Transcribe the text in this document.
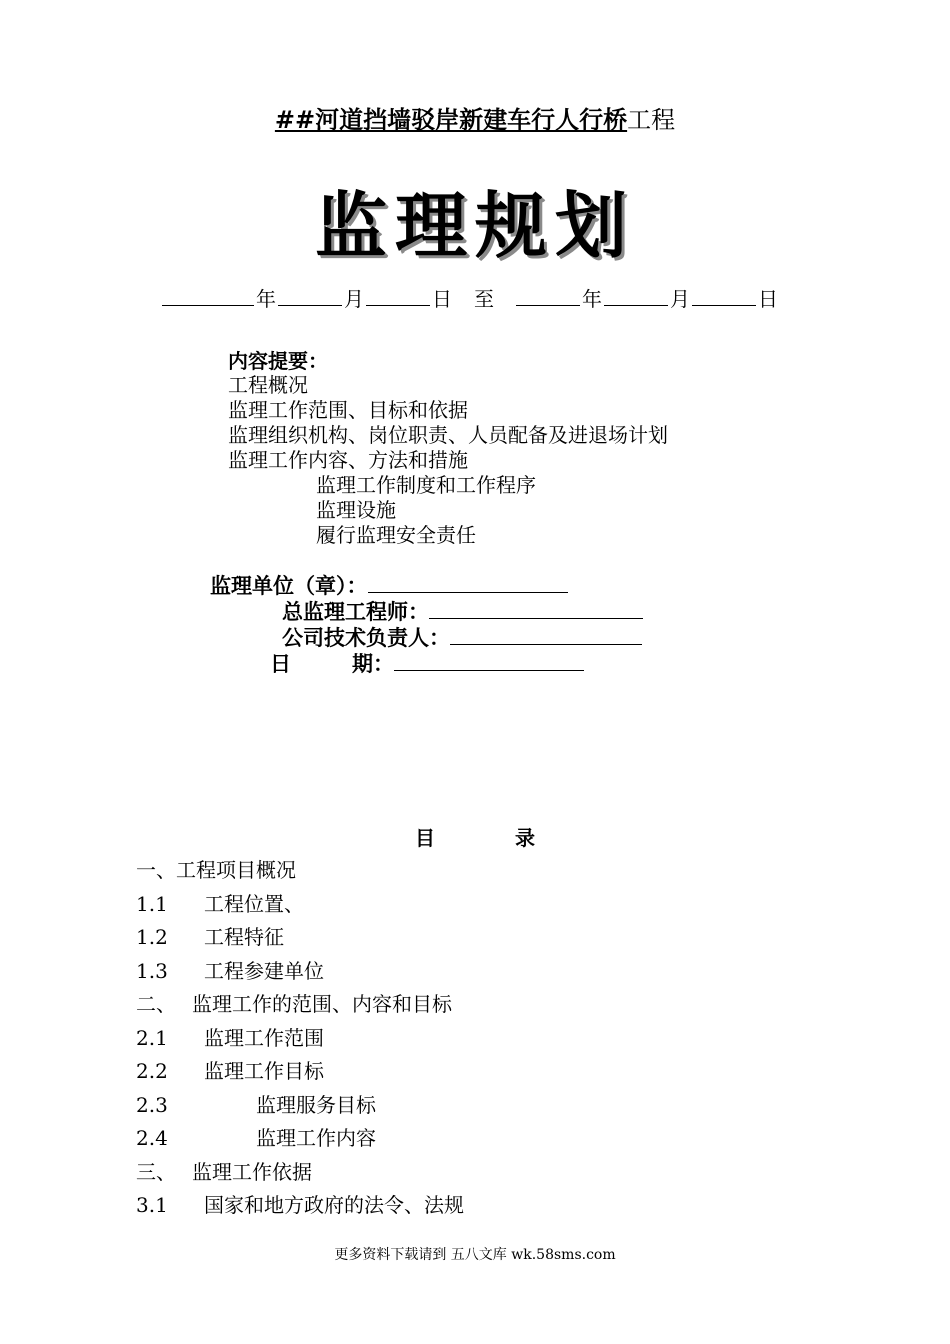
##河道挡墙驳岸新建车行人行桥工程
监理规划
年	月	日 至	年	月	日
内容提要：
工程概况
监理工作范围、目标和依据
监理组织机构、岗位职责、人员配备及进退场计划
监理工作内容、方法和措施
监理工作制度和工作程序
监理设施
履行监理安全责任
监理单位（章）：
总监理工程师：
公司技术负责人：
日	期：
目	录
一、工程项目概况
1.1 工程位置、
1.2 工程特征
1.3 工程参建单位
二、 监理工作的范围、内容和目标
2.1 监理工作范围
2.2 监理工作目标
2.3	监理服务目标
2.4	监理工作内容
三、 监理工作依据
3.1 国家和地方政府的法令、法规
更多资料下载请到 五八文库 wk.58sms.com
